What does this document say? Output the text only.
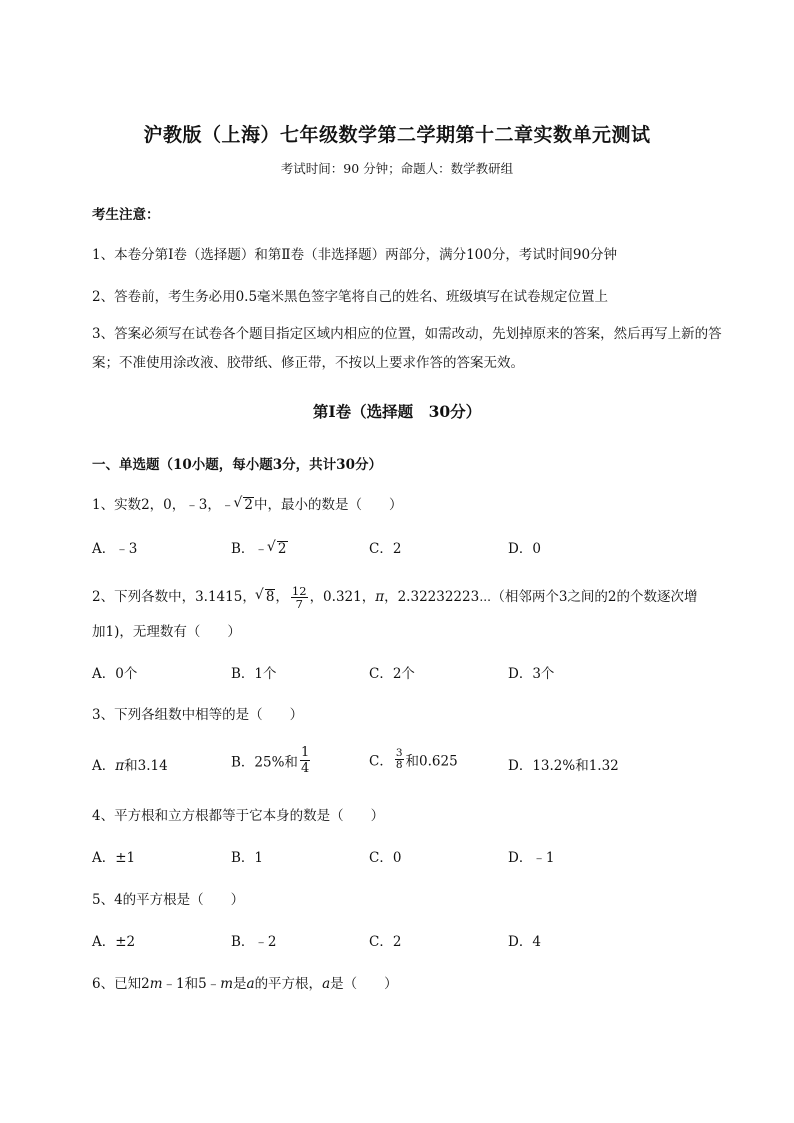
沪教版（上海）七年级数学第二学期第十二章实数单元测试
考试时间：90 分钟；命题人：数学教研组
考生注意：
1、本卷分第Ⅰ卷（选择题）和第Ⅱ卷（非选择题）两部分，满分100分，考试时间90分钟
2、答卷前，考生务必用0.5毫米黑色签字笔将自己的姓名、班级填写在试卷规定位置上
3、答案必须写在试卷各个题目指定区域内相应的位置，如需改动，先划掉原来的答案，然后再写上新的答案；不准使用涂改液、胶带纸、修正带，不按以上要求作答的答案无效。
第Ⅰ卷（选择题　30分）
一、单选题（10小题，每小题3分，共计30分）
1、实数2，0，﹣3，﹣ √ 2中，最小的数是（　　）
A．﹣3	B．﹣ √ 2	C．2	D．0
2、下列各数中，3.1415， √ 8， $\frac{12}{7}$ ，0.321，π，2.32232223⋯（相邻两个3之间的2的个数逐次增
加1)，无理数有（　　）
A．0个	B．1个	C．2个	D．3个
3、下列各组数中相等的是（　　）
A．π和3.14	B．25%和 $\frac{1}{4}$	C． $\frac{3}{8}$ 和0.625	D．13.2%和1.32
4、平方根和立方根都等于它本身的数是（　　）
A．±1	B．1	C．0	D．﹣1
5、4的平方根是（　　）
A．±2	B．﹣2	C．2	D．4
6、已知2m﹣1和5﹣m是a的平方根，a是（　　）
